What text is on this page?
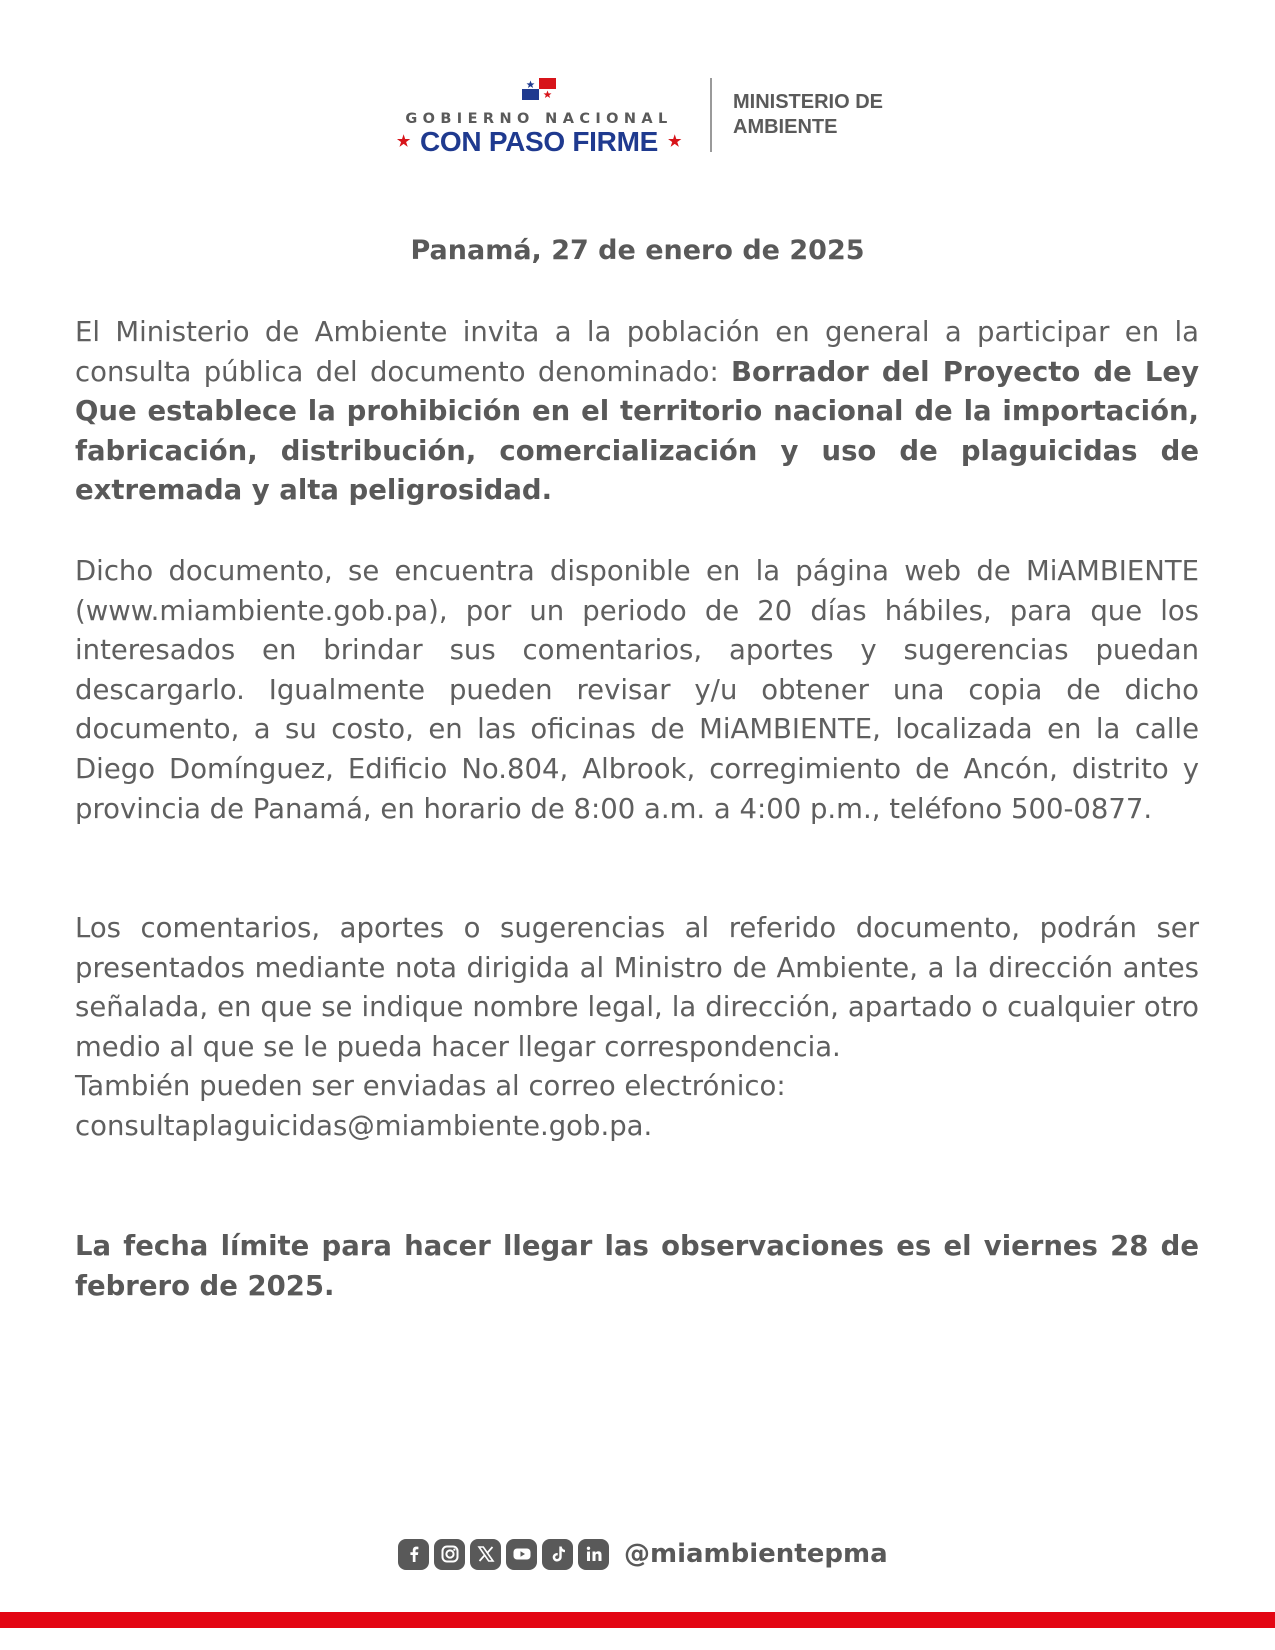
GOBIERNO NACIONAL
★ CON PASO FIRME ★
MINISTERIO DE
AMBIENTE
Panamá, 27 de enero de 2025

El Ministerio de Ambiente invita a la población en general a participar en la consulta pública del documento denominado: Borrador del Proyecto de Ley Que establece la prohibición en el territorio nacional de la importación, fabricación, distribución, comercialización y uso de plaguicidas de extremada y alta peligrosidad.

Dicho documento, se encuentra disponible en la página web de MiAMBIENTE (www.miambiente.gob.pa), por un periodo de 20 días hábiles, para que los interesados en brindar sus comentarios, aportes y sugerencias puedan descargarlo. Igualmente pueden revisar y/u obtener una copia de dicho documento, a su costo, en las oficinas de MiAMBIENTE, localizada en la calle Diego Domínguez, Edificio No.804, Albrook, corregimiento de Ancón, distrito y provincia de Panamá, en horario de 8:00 a.m. a 4:00 p.m., teléfono 500-0877.

Los comentarios, aportes o sugerencias al referido documento, podrán ser presentados mediante nota dirigida al Ministro de Ambiente, a la dirección antes señalada, en que se indique nombre legal, la dirección, apartado o cualquier otro medio al que se le pueda hacer llegar correspondencia.
También pueden ser enviadas al correo electrónico:
consultaplaguicidas@miambiente.gob.pa.

La fecha límite para hacer llegar las observaciones es el viernes 28 de febrero de 2025.

@miambientepma
